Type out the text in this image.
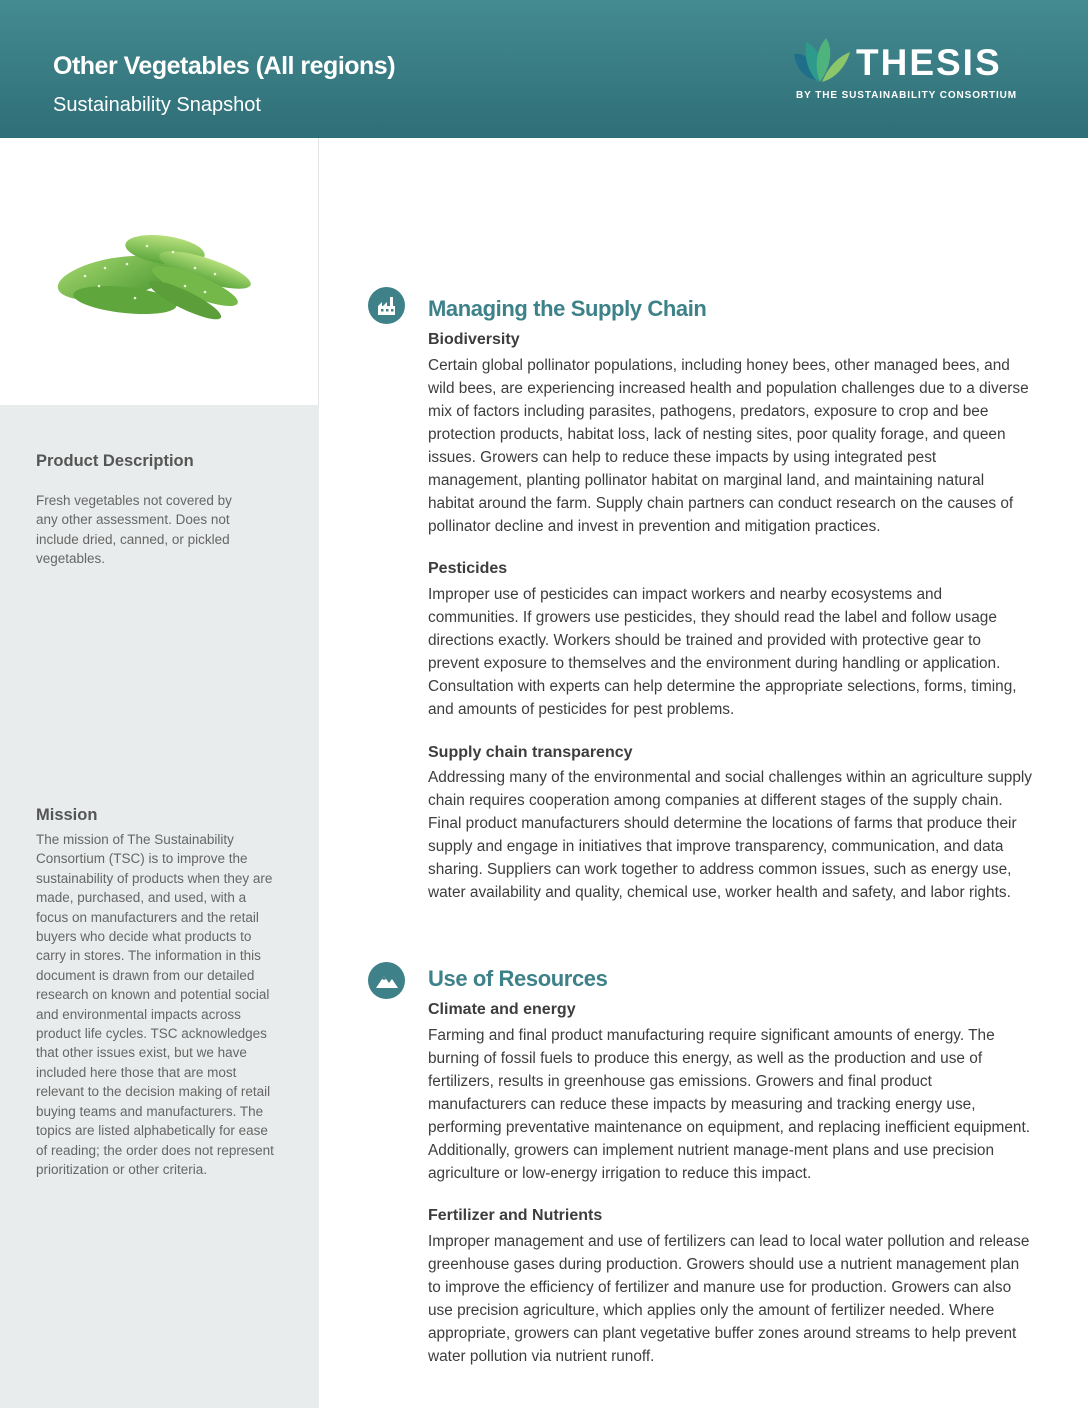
Other Vegetables (All regions)
Sustainability Snapshot
THESIS
BY THE SUSTAINABILITY CONSORTIUM
Product Description
Fresh vegetables not covered by any other assessment. Does not include dried, canned, or pickled vegetables.
Mission
The mission of The Sustainability Consortium (TSC) is to improve the sustainability of products when they are made, purchased, and used, with a focus on manufacturers and the retail buyers who decide what products to carry in stores. The information in this document is drawn from our detailed research on known and potential social and environmental impacts across product life cycles. TSC acknowledges that other issues exist, but we have included here those that are most relevant to the decision making of retail buying teams and manufacturers. The topics are listed alphabetically for ease of reading; the order does not represent prioritization or other criteria.
Managing the Supply Chain
Biodiversity
Certain global pollinator populations, including honey bees, other managed bees, and wild bees, are experiencing increased health and population challenges due to a diverse mix of factors including parasites, pathogens, predators, exposure to crop and bee protection products, habitat loss, lack of nesting sites, poor quality forage, and queen issues. Growers can help to reduce these impacts by using integrated pest management, planting pollinator habitat on marginal land, and maintaining natural habitat around the farm. Supply chain partners can conduct research on the causes of pollinator decline and invest in prevention and mitigation practices.
Pesticides
Improper use of pesticides can impact workers and nearby ecosystems and communities. If growers use pesticides, they should read the label and follow usage directions exactly. Workers should be trained and provided with protective gear to prevent exposure to themselves and the environment during handling or application. Consultation with experts can help determine the appropriate selections, forms, timing, and amounts of pesticides for pest problems.
Supply chain transparency
Addressing many of the environmental and social challenges within an agriculture supply chain requires cooperation among companies at different stages of the supply chain. Final product manufacturers should determine the locations of farms that produce their supply and engage in initiatives that improve transparency, communication, and data sharing. Suppliers can work together to address common issues, such as energy use, water availability and quality, chemical use, worker health and safety, and labor rights.
Use of Resources
Climate and energy
Farming and final product manufacturing require significant amounts of energy. The burning of fossil fuels to produce this energy, as well as the production and use of fertilizers, results in greenhouse gas emissions. Growers and final product manufacturers can reduce these impacts by measuring and tracking energy use, performing preventative maintenance on equipment, and replacing inefficient equipment. Additionally, growers can implement nutrient manage-ment plans and use precision agriculture or low-energy irrigation to reduce this impact.
Fertilizer and Nutrients
Improper management and use of fertilizers can lead to local water pollution and release greenhouse gases during production. Growers should use a nutrient management plan to improve the efficiency of fertilizer and manure use for production. Growers can also use precision agriculture, which applies only the amount of fertilizer needed. Where appropriate, growers can plant vegetative buffer zones around streams to help prevent water pollution via nutrient runoff.
